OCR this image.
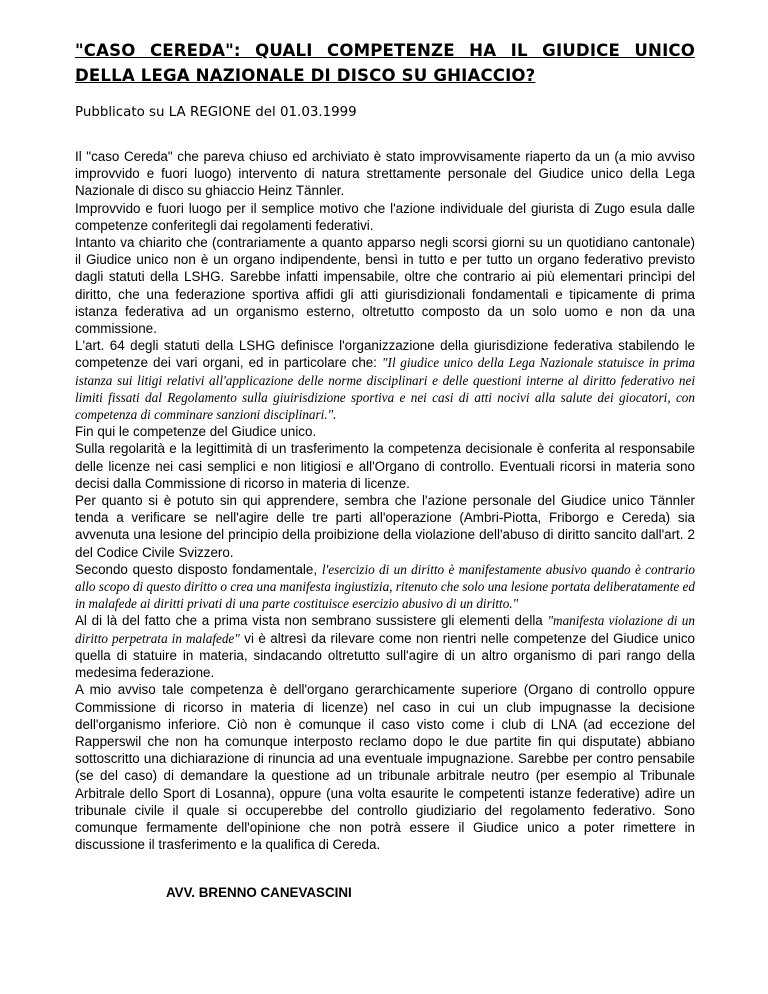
"CASO CEREDA": QUALI COMPETENZE HA IL GIUDICE UNICO DELLA LEGA NAZIONALE DI DISCO SU GHIACCIO?
Pubblicato su LA REGIONE del 01.03.1999

Il "caso Cereda" che pareva chiuso ed archiviato è stato improvvisamente riaperto da un (a mio avviso improvvido e fuori luogo) intervento di natura strettamente personale del Giudice unico della Lega Nazionale di disco su ghiaccio Heinz Tännler.

Improvvido e fuori luogo per il semplice motivo che l'azione individuale del giurista di Zugo esula dalle competenze conferitegli dai regolamenti federativi.

Intanto va chiarito che (contrariamente a quanto apparso negli scorsi giorni su un quotidiano cantonale) il Giudice unico non è un organo indipendente, bensì in tutto e per tutto un organo federativo previsto dagli statuti della LSHG. Sarebbe infatti impensabile, oltre che contrario ai più elementari princìpi del diritto, che una federazione sportiva affidi gli atti giurisdizionali fondamentali e tipicamente di prima istanza federativa ad un organismo esterno, oltretutto composto da un solo uomo e non da una commissione.

L'art. 64 degli statuti della LSHG definisce l'organizzazione della giurisdizione federativa stabilendo le competenze dei vari organi, ed in particolare che: "Il giudice unico della Lega Nazionale statuisce in prima istanza sui litigi relativi all'applicazione delle norme disciplinari e delle questioni interne al diritto federativo nei limiti fissati dal Regolamento sulla giuirisdizione sportiva e nei casi di atti nocivi alla salute dei giocatori, con competenza di comminare sanzioni disciplinari.".

Fin qui le competenze del Giudice unico.

Sulla regolarità e la legittimità di un trasferimento la competenza decisionale è conferita al responsabile delle licenze nei casi semplici e non litigiosi e all'Organo di controllo. Eventuali ricorsi in materia sono decisi dalla Commissione di ricorso in materia di licenze.

Per quanto si è potuto sin qui apprendere, sembra che l'azione personale del Giudice unico Tännler tenda a verificare se nell'agire delle tre parti all'operazione (Ambri-Piotta, Friborgo e Cereda) sia avvenuta una lesione del principio della proibizione della violazione dell'abuso di diritto sancito dall'art. 2 del Codice Civile Svizzero.

Secondo questo disposto fondamentale, l'esercizio di un diritto è manifestamente abusivo quando è contrario allo scopo di questo diritto o crea una manifesta ingiustizia, ritenuto che solo una lesione portata deliberatamente ed in malafede ai diritti privati di una parte costituisce esercizio abusivo di un diritto."

Al di là del fatto che a prima vista non sembrano sussistere gli elementi della "manifesta violazione di un diritto perpetrata in malafede" vi è altresì da rilevare come non rientri nelle competenze del Giudice unico quella di statuire in materia, sindacando oltretutto sull'agire di un altro organismo di pari rango della medesima federazione.

A mio avviso tale competenza è dell'organo gerarchicamente superiore (Organo di controllo oppure Commissione di ricorso in materia di licenze) nel caso in cui un club impugnasse la decisione dell'organismo inferiore. Ciò non è comunque il caso visto come i club di LNA (ad eccezione del Rapperswil che non ha comunque interposto reclamo dopo le due partite fin qui disputate) abbiano sottoscritto una dichiarazione di rinuncia ad una eventuale impugnazione. Sarebbe per contro pensabile (se del caso) di demandare la questione ad un tribunale arbitrale neutro (per esempio al Tribunale Arbitrale dello Sport di Losanna), oppure (una volta esaurite le competenti istanze federative) adìre un tribunale civile il quale si occuperebbe del controllo giudiziario del regolamento federativo. Sono comunque fermamente dell'opinione che non potrà essere il Giudice unico a poter rimettere in discussione il trasferimento e la qualifica di Cereda.

AVV. BRENNO CANEVASCINI
